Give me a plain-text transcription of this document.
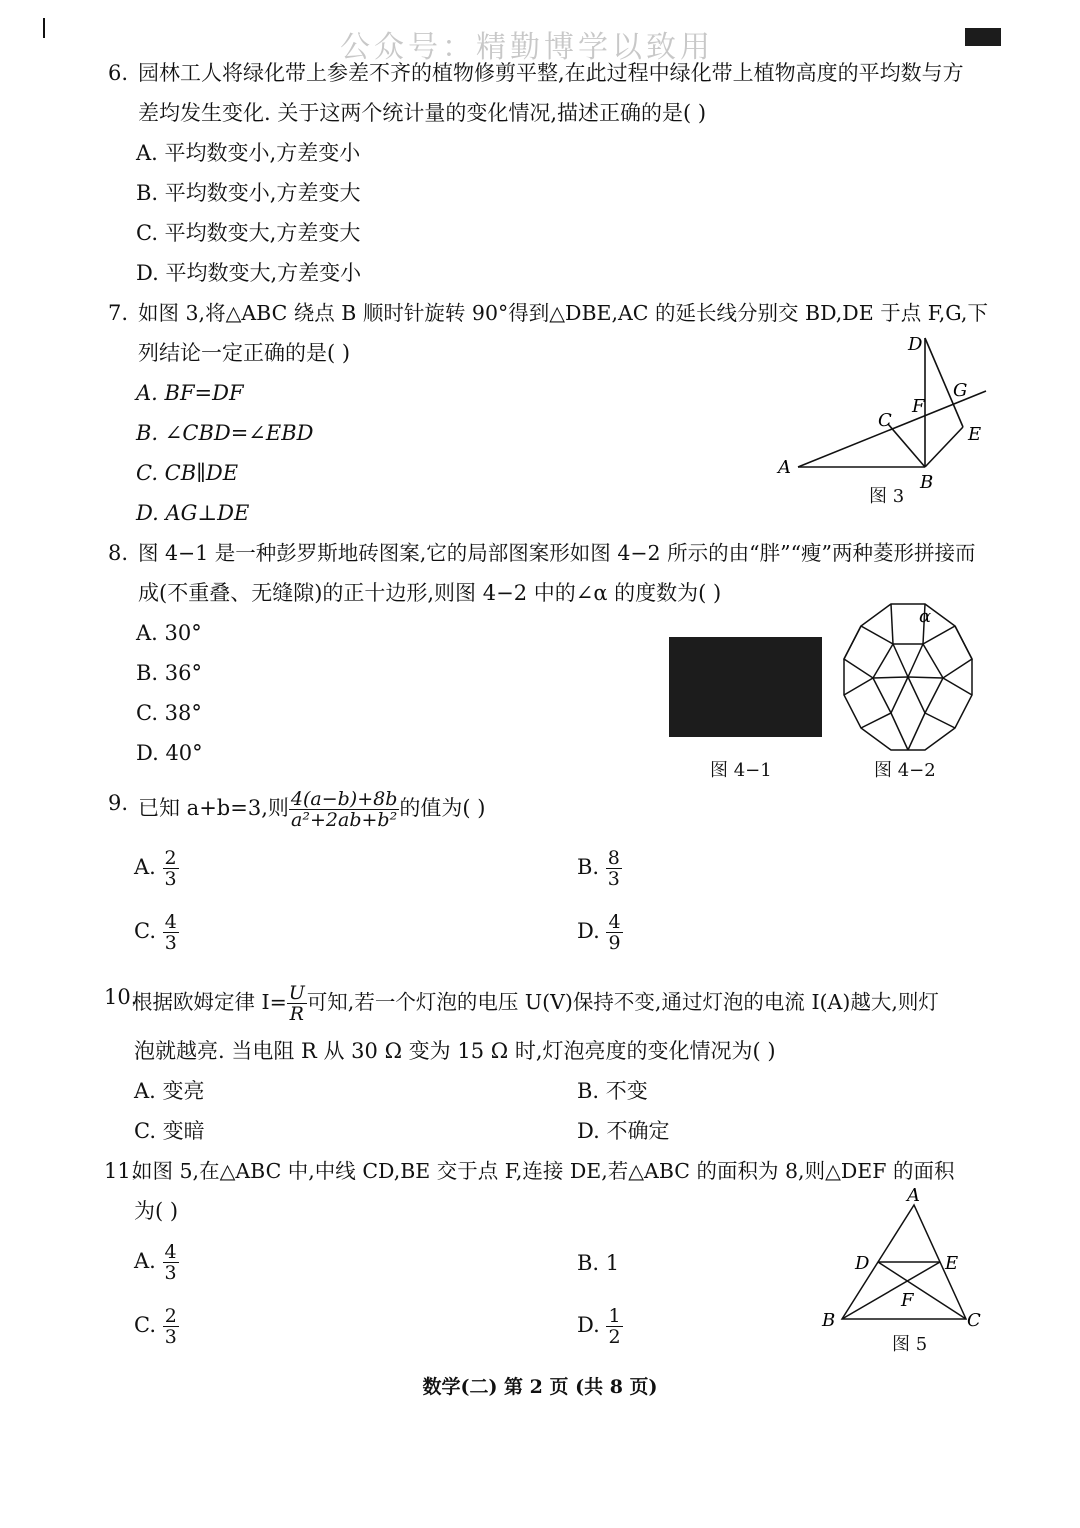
公众号：精勤博学以致用
6. 园林工人将绿化带上参差不齐的植物修剪平整,在此过程中绿化带上植物高度的平均数与方
差均发生变化. 关于这两个统计量的变化情况,描述正确的是( )
A. 平均数变小,方差变小
B. 平均数变小,方差变大
C. 平均数变大,方差变大
D. 平均数变大,方差变小
7. 如图 3,将△ABC 绕点 B 顺时针旋转 90°得到△DBE,AC 的延长线分别交 BD,DE 于点 F,G,下
列结论一定正确的是( )
A. BF=DF
B. ∠CBD=∠EBD
C. CB∥DE
D. AG⊥DE
A
B
C
D
E
F
G
图 3
8. 图 4−1 是一种彭罗斯地砖图案,它的局部图案形如图 4−2 所示的由“胖”“瘦”两种菱形拼接而
成(不重叠、无缝隙)的正十边形,则图 4−2 中的∠α 的度数为( )
A. 30°
B. 36°
C. 38°
D. 40°
图 4−1
α
图 4−2
9. 已知 a+b=3,则 $\frac{4(a-b)+8b}{\text{a²+2ab+b²}}$ 的值为( )
A. $\frac{2}{3}$	B. $\frac{8}{3}$
C. $\frac{4}{3}$	D. $\frac{4}{9}$
10.
根据欧姆定律 $I= \frac{U}{R}$ 可知,若一个灯泡的电压 U(V)保持不变,通过灯泡的电流 I(A)越大,则灯
泡就越亮. 当电阻 R 从 30 Ω 变为 15 Ω 时,灯泡亮度的变化情况为( )
A. 变亮	B. 不变
C. 变暗	D. 不确定
11.
如图 5,在△ABC 中,中线 CD,BE 交于点 F,连接 DE,若△ABC 的面积为 8,则△DEF 的面积
为( )
A. $\frac{4}{3}$	B. 1
C. $\frac{2}{3}$	D. $\frac{1}{2}$
A
B	C
D	E
F
图 5
数学(二) 第 2 页 (共 8 页)
